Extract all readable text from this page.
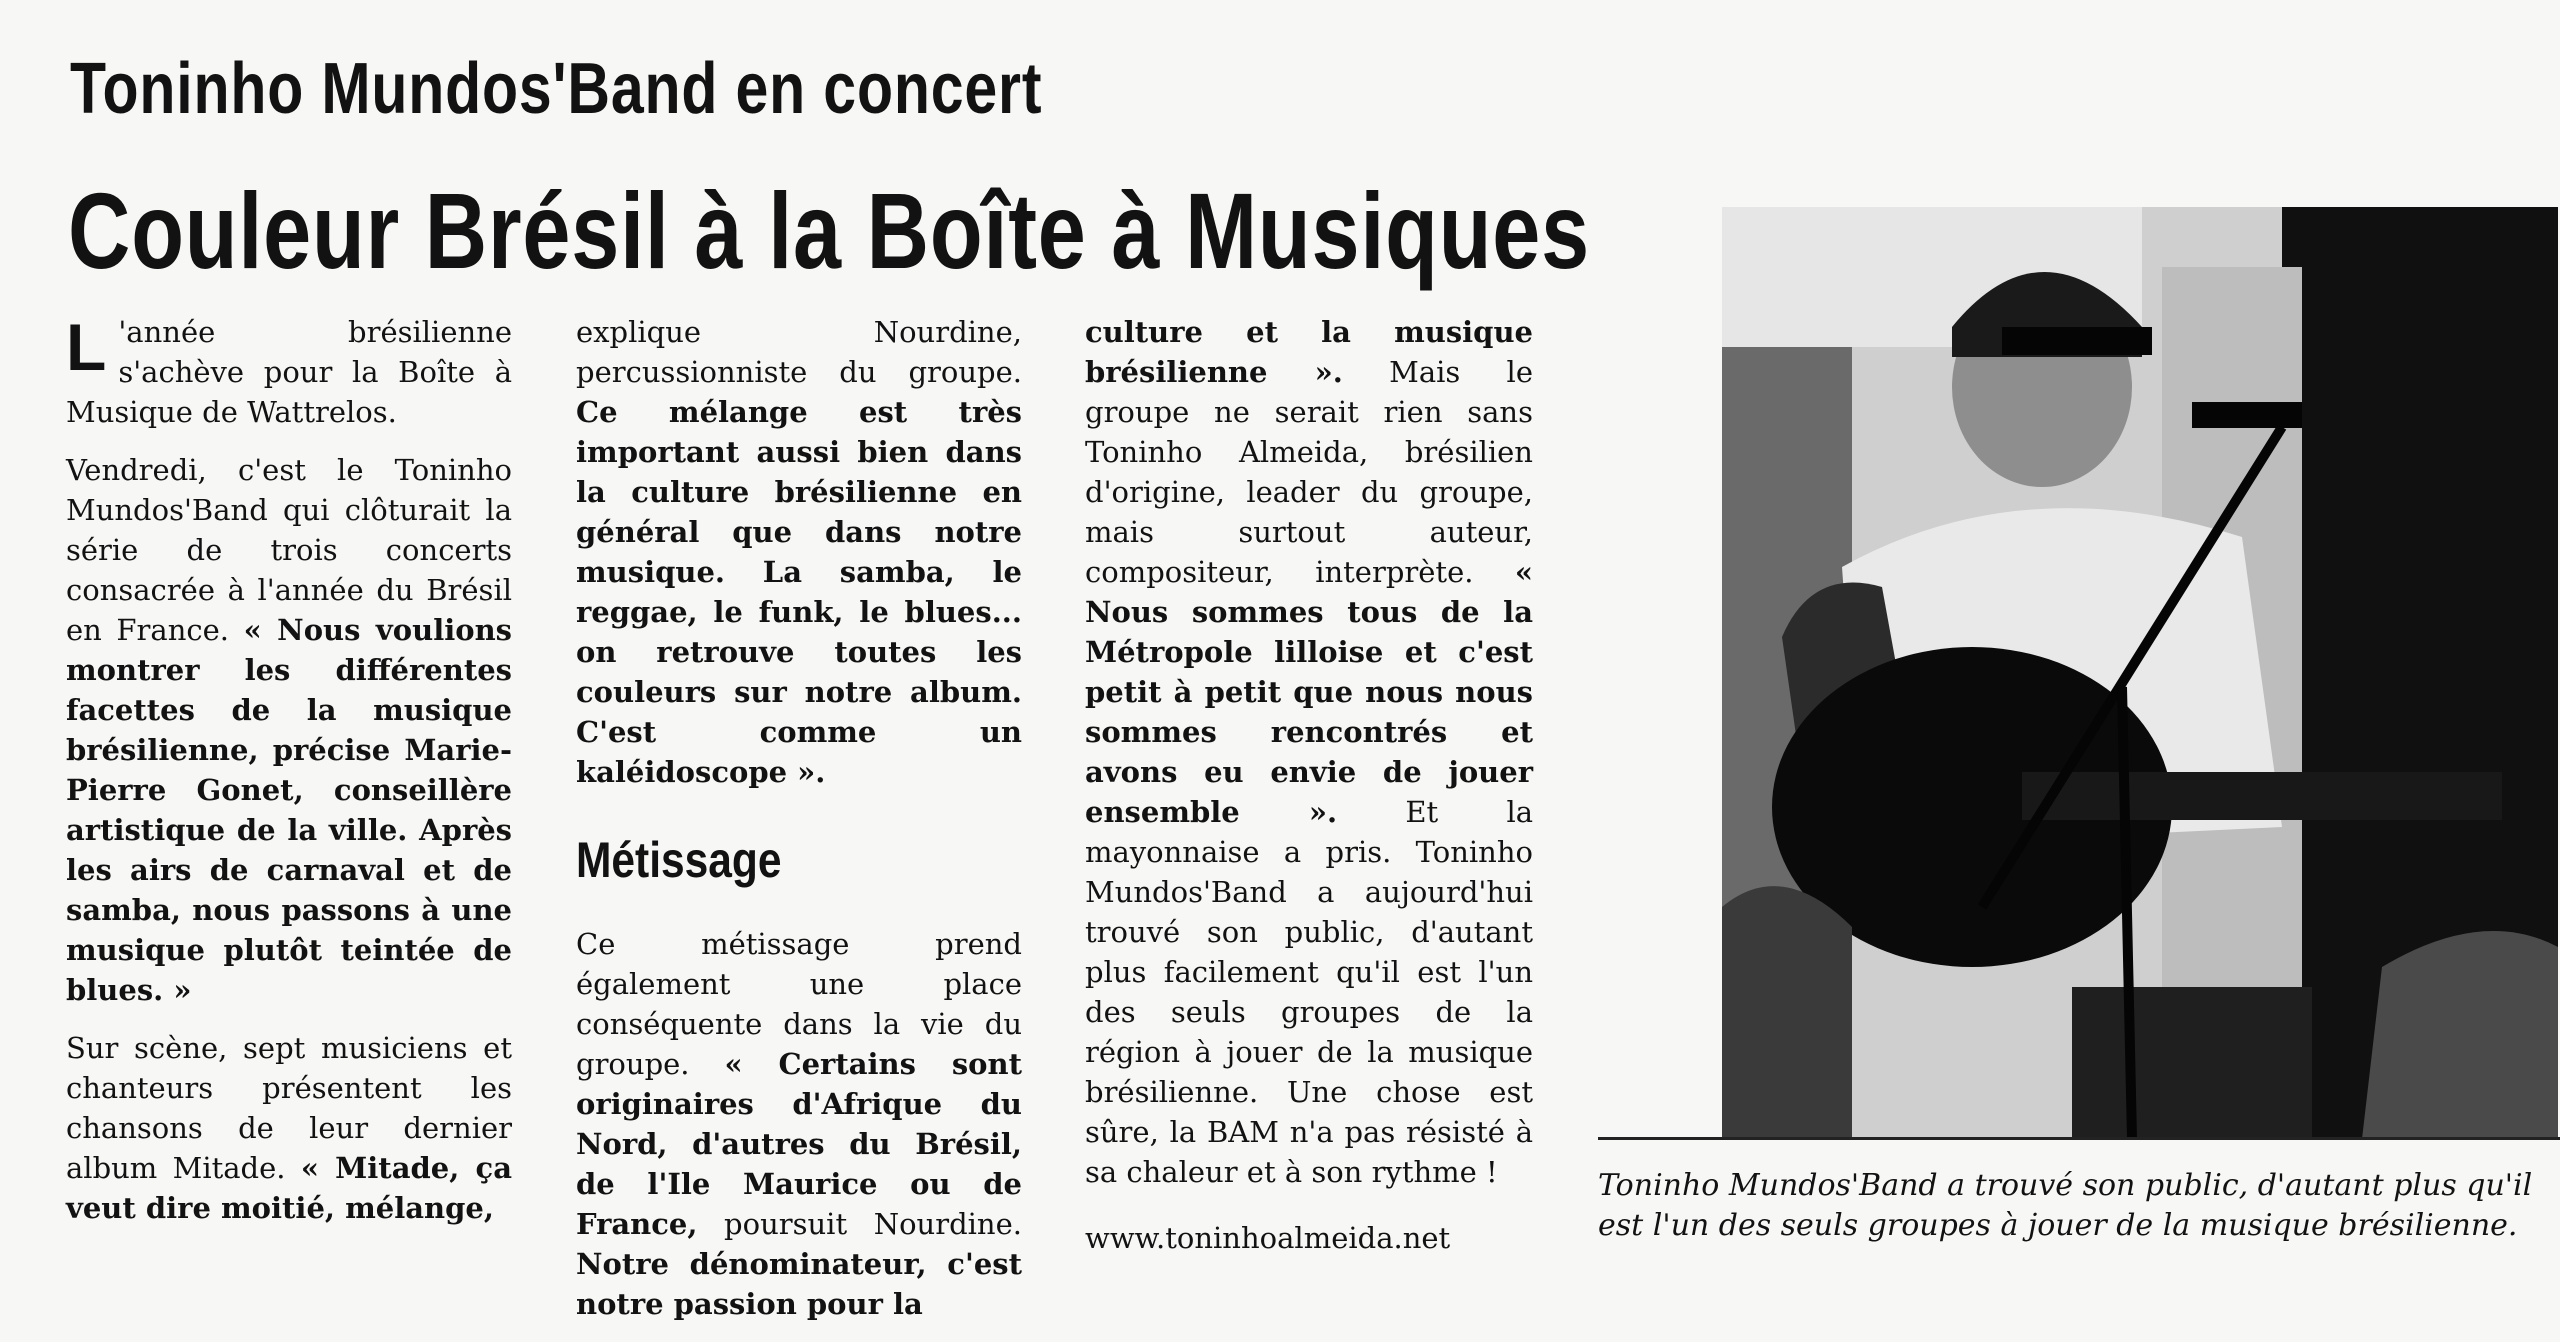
Toninho Mundos'Band en concert
Couleur Brésil à la Boîte à Musiques

L 'année brésilienne s'achève pour la Boîte à Musique de Wattrelos.

Vendredi, c'est le Toninho Mundos'Band qui clôturait la série de trois concerts consacrée à l'année du Brésil en France. « Nous voulions montrer les différentes facettes de la musique brésilienne, précise Marie-Pierre Gonet, conseillère artistique de la ville. Après les airs de carnaval et de samba, nous passons à une musique plutôt teintée de blues. »

Sur scène, sept musiciens et chanteurs présentent les chansons de leur dernier album Mitade. « Mitade, ça veut dire moitié, mélange,

explique Nourdine, percussionniste du groupe. Ce mélange est très important aussi bien dans la culture brésilienne en général que dans notre musique. La samba, le reggae, le funk, le blues... on retrouve toutes les couleurs sur notre album. C'est comme un kaléidoscope ».

Métissage

Ce métissage prend également une place conséquente dans la vie du groupe. « Certains sont originaires d'Afrique du Nord, d'autres du Brésil, de l'Ile Maurice ou de France, poursuit Nourdine. Notre dénominateur, c'est notre passion pour la

culture et la musique brésilienne ». Mais le groupe ne serait rien sans Toninho Almeida, brésilien d'origine, leader du groupe, mais surtout auteur, compositeur, interprète. « Nous sommes tous de la Métropole lilloise et c'est petit à petit que nous nous sommes rencontrés et avons eu envie de jouer ensemble ». Et la mayonnaise a pris. Toninho Mundos'Band a aujourd'hui trouvé son public, d'autant plus facilement qu'il est l'un des seuls groupes de la région à jouer de la musique brésilienne. Une chose est sûre, la BAM n'a pas résisté à sa chaleur et à son rythme !

www.toninhoalmeida.net

Toninho Mundos'Band a trouvé son public, d'autant plus qu'il est l'un des seuls groupes à jouer de la musique brésilienne.
